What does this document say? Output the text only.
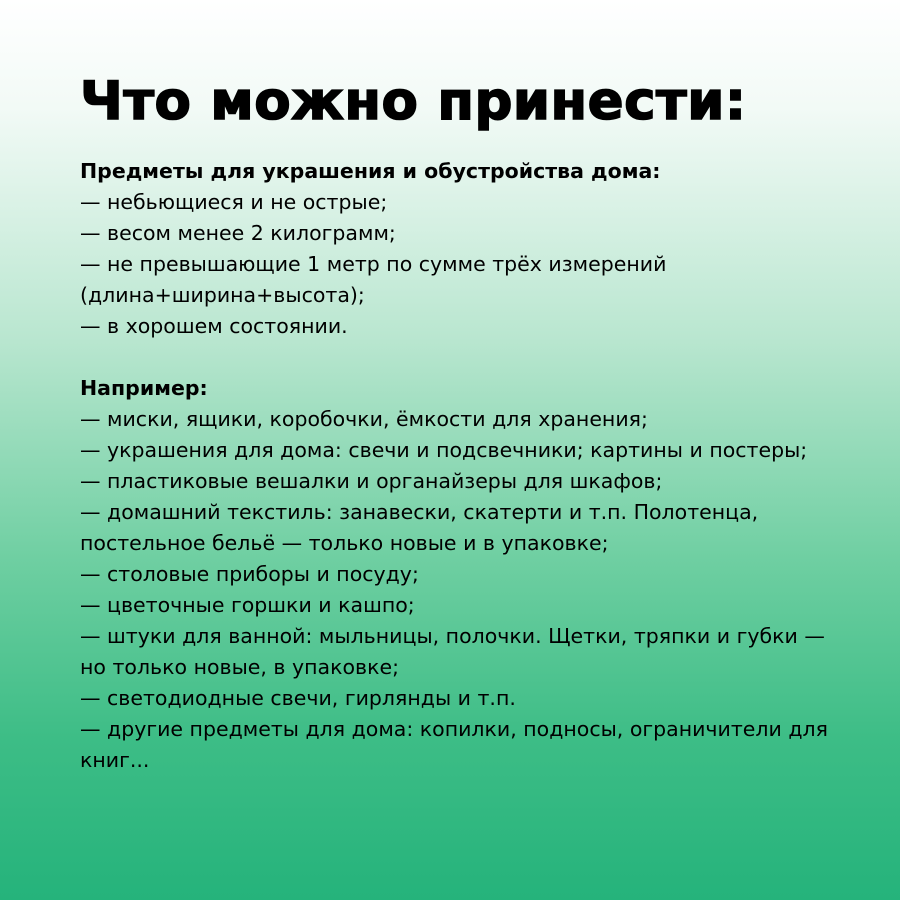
Что можно принести:
Предметы для украшения и обустройства дома:
— небьющиеся и не острые;
— весом менее 2 килограмм;
— не превышающие 1 метр по сумме трёх измерений (длина+ширина+высота);
— в хорошем состоянии.
Например:
— миски, ящики, коробочки, ёмкости для хранения;
— украшения для дома: свечи и подсвечники; картины и постеры;
— пластиковые вешалки и органайзеры для шкафов;
— домашний текстиль: занавески, скатерти и т.п. Полотенца, постельное бельё — только новые и в упаковке;
— столовые приборы и посуду;
— цветочные горшки и кашпо;
— штуки для ванной: мыльницы, полочки. Щетки, тряпки и губки — но только новые, в упаковке;
— светодиодные свечи, гирлянды и т.п.
— другие предметы для дома: копилки, подносы, ограничители для книг...
